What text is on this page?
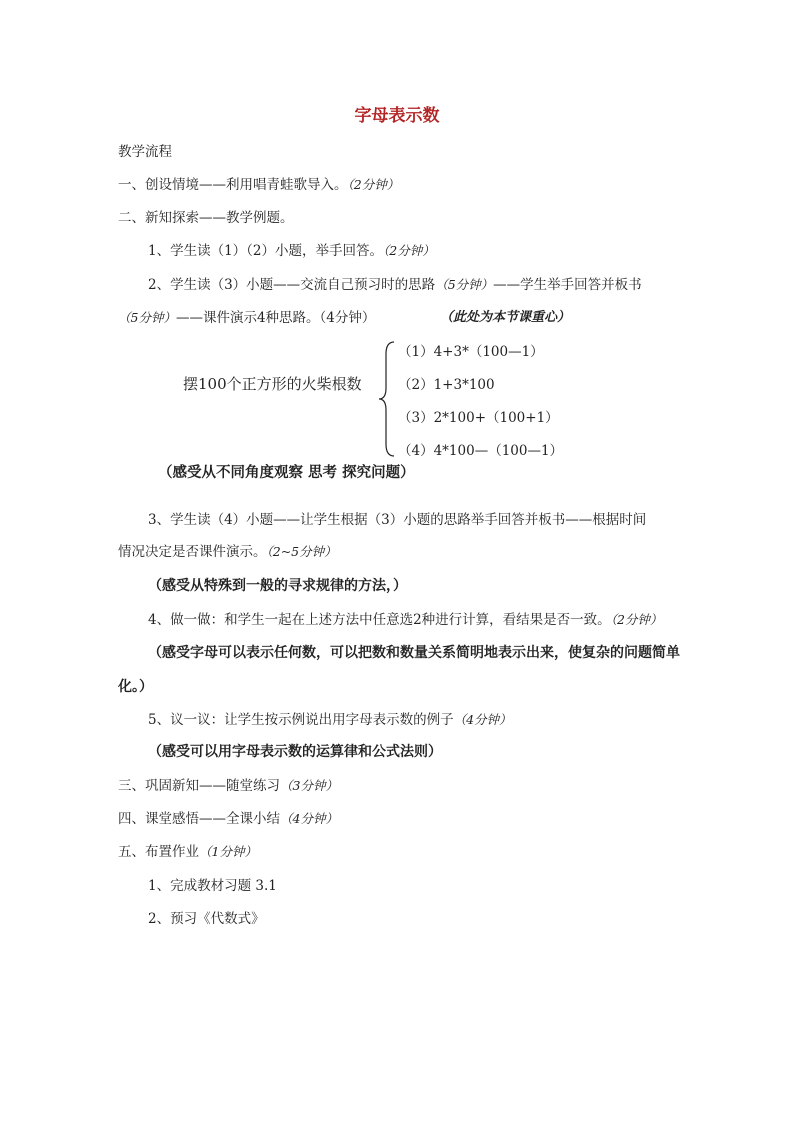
字母表示数
教学流程
一、创设情境——利用唱青蛙歌导入。（2分钟）
二、新知探索——教学例题。
1、学生读（1）（2）小题，举手回答。（2分钟）
2、学生读（3）小题——交流自己预习时的思路（5分钟）——学生举手回答并板书
（5分钟）——课件演示4种思路。（4分钟）	（此处为本节课重心）
摆100个正方形的火柴根数
（1）4+3*（100—1）
（2）1+3*100
（3）2*100+（100+1）
（4）4*100—（100—1）
（感受从不同角度观察 思考 探究问题）
3、学生读（4）小题——让学生根据（3）小题的思路举手回答并板书——根据时间
情况决定是否课件演示。（2~5分钟）
（感受从特殊到一般的寻求规律的方法，）
4、做一做：和学生一起在上述方法中任意选2种进行计算，看结果是否一致。（2分钟）
（感受字母可以表示任何数，可以把数和数量关系简明地表示出来，使复杂的问题简单
化。）
5、议一议：让学生按示例说出用字母表示数的例子（4分钟）
（感受可以用字母表示数的运算律和公式法则）
三、巩固新知——随堂练习（3分钟）
四、课堂感悟——全课小结（4分钟）
五、布置作业（1分钟）
1、完成教材习题 3.1
2、预习《代数式》
